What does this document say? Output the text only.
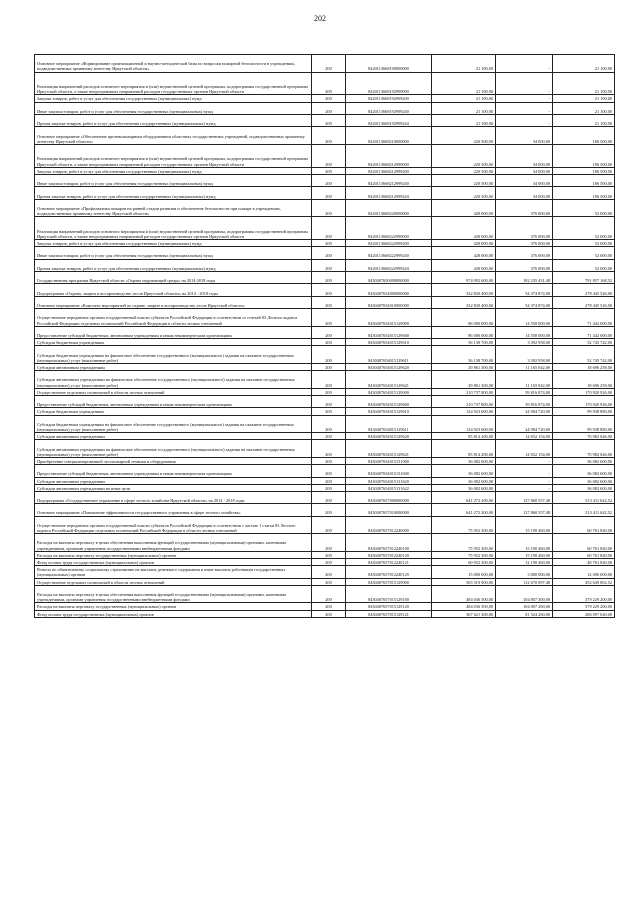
202
Основное мероприятие «Формирование организационной и научно-методической базы по вопросам пожарной безопасности в учреждениях, подведомственных архивному агентству Иркутской области»	200	8420113668190000000	21 100,00	-	21 100,00
Реализация направлений расходов основного мероприятия и (или) ведомственной целевой программы, подпрограммы государственной программы Иркутской области, а также непрограммных направлений расходов государственных органов Иркутской области	200	8420113668192999000	21 100,00	-	21 100,00
Закупка товаров, работ и услуг для обеспечения государственных (муниципальных) нужд	200	8420113668192999200	21 100,00	-	21 100,00
Иные закупки товаров, работ и услуг для обеспечения государственных (муниципальных) нужд	200	8420113668192999240	21 100,00	-	21 100,00
Прочая закупка товаров, работ и услуг для обеспечения государственных (муниципальных) нужд	200	8420113668192999244	21 100,00	-	21 100,00
Основное мероприятие «Обеспечение противопожарным оборудованием областных государственных учреждений, подведомственных архивному агентству Иркутской области»	200	8420113668210000000	220 500,00	34 000,00	186 500,00
Реализация направлений расходов основного мероприятия и (или) ведомственной целевой программы, подпрограммы государственной программы Иркутской области, а также непрограммных направлений расходов государственных органов Иркутской области	200	8420113668212999000	220 500,00	34 000,00	186 500,00
Закупка товаров, работ и услуг для обеспечения государственных (муниципальных) нужд	200	8420113668212999200	220 500,00	34 000,00	186 500,00
Иные закупки товаров, работ и услуг для обеспечения государственных (муниципальных) нужд	200	8420113668212999240	220 500,00	34 000,00	186 500,00
Прочая закупка товаров, работ и услуг для обеспечения государственных (муниципальных) нужд	200	8420113668212999244	220 500,00	34 000,00	186 500,00
Основное мероприятие «Профилактика пожаров на ранней стадии развития и обеспечение безопасности при пожаре в учреждениях, подведомственных архивному агентству Иркутской области»	200	8420113668220000000	428 000,00	376 000,00	52 000,00
Реализация направлений расходов основного мероприятия и (или) ведомственной целевой программы, подпрограммы государственной программы Иркутской области, а также непрограммных направлений расходов государственных органов Иркутской области	200	8420113668222999000	428 000,00	376 000,00	52 000,00
Закупка товаров, работ и услуг для обеспечения государственных (муниципальных) нужд	200	8420113668222999200	428 000,00	376 000,00	52 000,00
Иные закупки товаров, работ и услуг для обеспечения государственных (муниципальных) нужд	200	8420113668222999240	428 000,00	376 000,00	52 000,00
Прочая закупка товаров, работ и услуг для обеспечения государственных (муниципальных) нужд	200	8420113668222999244	428 000,00	376 000,00	52 000,00
Государственная программа Иркутской области «Охрана окружающей среды» на 2014-2018 годы	200	8430407650000000000	974 092 600,00	182 235 431,48	791 857 168,52
Подпрограмма «Охрана, защита и воспроизводство лесов Иркутской области» на 2014 - 2018 годы	200	8430407654000000000	332 820 400,00	54 374 874,00	278 445 526,00
Основное мероприятие «Комплекс мероприятий по охране, защите и воспроизводству лесов Иркутской области»	200	8430407654010000000	332 820 400,00	54 374 874,00	278 445 526,00
Осуществление переданных органам государственной власти субъектов Российской Федерации в соответствии со статьей 83 Лесного кодекса Российской Федерации отдельных полномочий Российской Федерации в области лесных отношений	200	8430407654015129000	86 000 000,00	14 558 000,00	71 442 000,00
Предоставление субсидий бюджетным, автономным учреждениям и иным некоммерческим организациям	200	8430407654015129600	86 000 000,00	14 558 000,00	71 442 000,00
Субсидии бюджетным учреждениям	200	8430407654015129610	56 138 700,00	3 392 958,00	52 745 742,00
Субсидии бюджетным учреждениям на финансовое обеспечение государственного (муниципального) задания на оказание государственных (муниципальных) услуг (выполнение работ)	200	8430407654015129611	56 138 700,00	3 392 958,00	52 745 742,00
Субсидии автономным учреждениям	200	8430407654015129620	29 861 300,00	11 165 042,00	18 696 258,00
Субсидии автономным учреждениям на финансовое обеспечение государственного (муниципального) задания на оказание государственных (муниципальных) услуг (выполнение работ)	200	8430407654015129621	29 861 300,00	11 165 042,00	18 696 258,00
Осуществление отдельных полномочий в области лесных отношений	200	8430407654015129000	210 737 800,00	39 816 874,00	170 920 926,00
Предоставление субсидий бюджетным, автономным учреждениям и иным некоммерческим организациям	200	8430407654015129600	210 737 800,00	39 816 874,00	170 920 926,00
Субсидии бюджетным учреждениям	200	8430407654015129610	124 923 600,00	24 984 720,00	99 938 880,00
Субсидии бюджетным учреждениям на финансовое обеспечение государственного (муниципального) задания на оказание государственных (муниципальных) услуг (выполнение работ)	200	8430407654015129611	124 923 600,00	24 984 720,00	99 938 880,00
Субсидии автономным учреждениям	200	8430407654015129620	85 814 200,00	14 832 154,00	70 982 046,00
Субсидии автономным учреждениям на финансовое обеспечение государственного (муниципального) задания на оказание государственных (муниципальных) услуг (выполнение работ)	200	8430407654015129621	85 814 200,00	14 832 154,00	70 982 046,00
Приобретение специализированной лесопожарной техники и оборудования	200	8430407654015131000	36 082 600,00	-	36 082 600,00
Предоставление субсидий бюджетным, автономным учреждениям и иным некоммерческим организациям	200	8430407654015131600	36 082 600,00	-	36 082 600,00
Субсидии автономным учреждениям	200	8430407654015131620	36 082 600,00	-	36 082 600,00
Субсидии автономным учреждениям на иные цели	200	8430407654015131622	36 082 600,00	-	36 082 600,00
Подпрограмма «Государственное управление в сфере лесного хозяйства Иркутской области» на 2014 - 2018 годы	200	8430407657000000000	641 272 200,00	127 860 557,48	513 411 642,52
Основное мероприятие «Повышение эффективности государственного управления в сфере лесного хозяйства»	200	8430407657010000000	641 272 200,00	127 860 557,48	513 411 642,52
Осуществление переданных органам государственной власти субъектов Российской Федерации в соответствии с частью 1 статьи 83 Лесного кодекса Российской Федерации отдельных полномочий Российской Федерации в области лесных отношений	200	8430407657012240000	75 952 300,00	15 190 460,00	60 761 840,00
Расходы на выплаты персоналу в целях обеспечения выполнения функций государственными (муниципальными) органами, казенными учреждениями, органами управления государственными внебюджетными фондами	200	8430407657012240100	75 952 300,00	15 190 460,00	60 761 840,00
Расходы на выплаты персоналу государственных (муниципальных) органов	200	8430407657012240120	75 952 300,00	15 190 460,00	60 761 840,00
Фонд оплаты труда государственных (муниципальных) органов	200	8430407657012240121	60 952 300,00	12 190 460,00	48 761 840,00
Взносы по обязательному социальному страхованию на выплаты денежного содержания и иные выплаты работникам государственных (муниципальных) органов	200	8430407657012240129	15 000 000,00	3 000 000,00	12 000 000,00
Осуществление отдельных полномочий в области лесных отношений	200	8430407657015129000	565 319 900,00	112 670 097,48	452 649 802,52
Расходы на выплаты персоналу в целях обеспечения выполнения функций государственными (муниципальными) органами, казенными учреждениями, органами управления государственными внебюджетными фондами	200	8430407657015129100	484 036 500,00	104 807 300,00	379 229 200,00
Расходы на выплаты персоналу государственных (муниципальных) органов	200	8430407657015129120	484 036 500,00	104 807 300,00	379 229 200,00
Фонд оплаты труда государственных (муниципальных) органов	200	8430407657015129121	367 621 300,00	81 524 260,00	286 097 040,00
